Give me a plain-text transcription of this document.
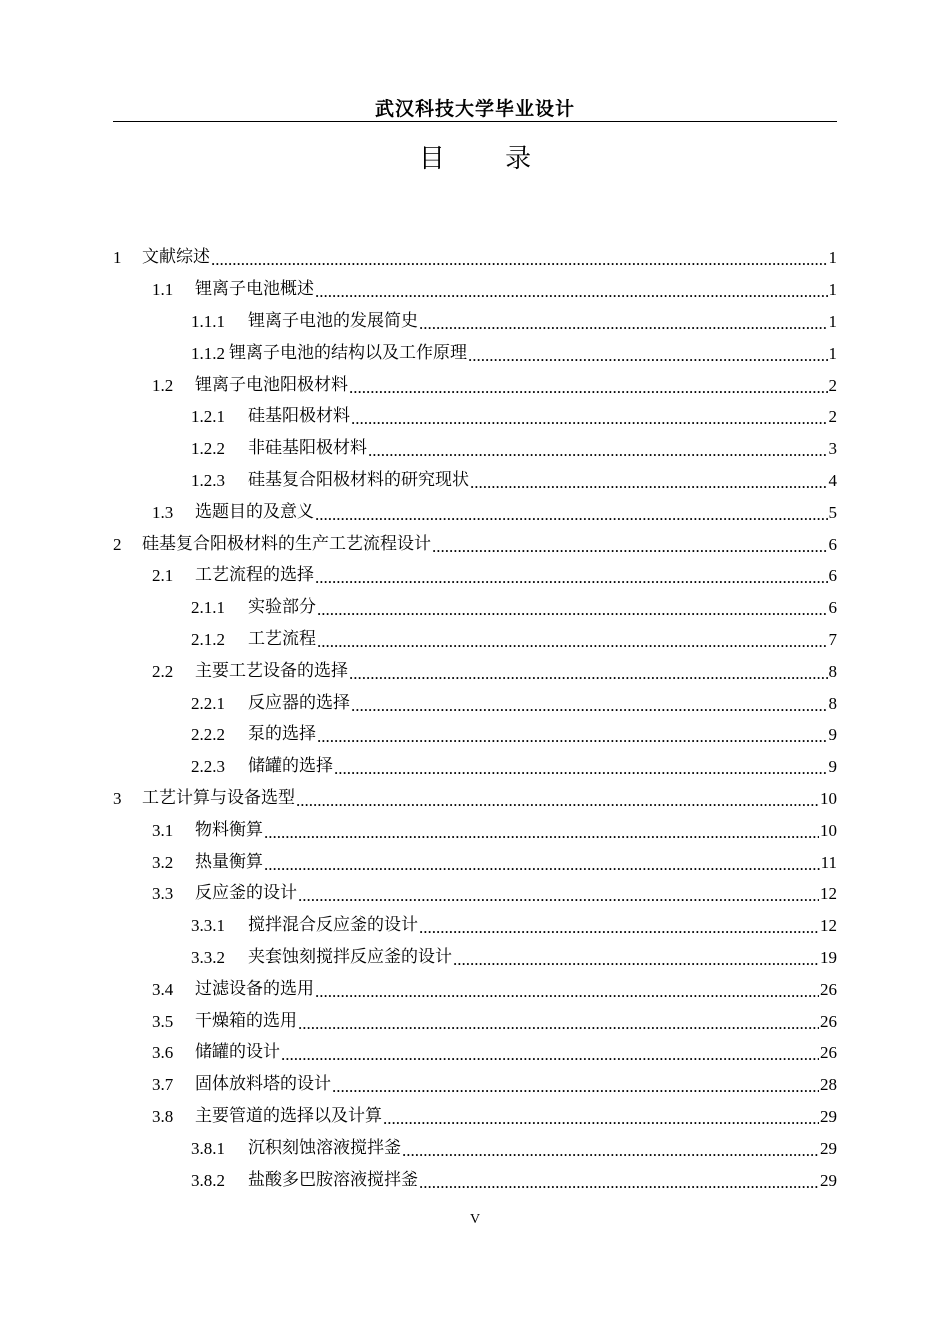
武汉科技大学毕业设计
目 录
1	文献综述 .....	1
1.1	锂离子电池概述 .....	1
1.1.1	锂离子电池的发展简史 .....	1
1.1.2 锂离子电池的结构以及工作原理 .....	1
1.2	锂离子电池阳极材料 .....	2
1.2.1	硅基阳极材料 .....	2
1.2.2	非硅基阳极材料 .....	3
1.2.3	硅基复合阳极材料的研究现状 .....	4
1.3	选题目的及意义 .....	5
2	硅基复合阳极材料的生产工艺流程设计 .....	6
2.1	工艺流程的选择 .....	6
2.1.1	实验部分 .....	6
2.1.2	工艺流程 .....	7
2.2	主要工艺设备的选择 .....	8
2.2.1	反应器的选择 .....	8
2.2.2	泵的选择 .....	9
2.2.3	储罐的选择 .....	9
3	工艺计算与设备选型 .....	10
3.1	物料衡算 .....	10
3.2	热量衡算 .....	11
3.3	反应釜的设计 .....	12
3.3.1	搅拌混合反应釜的设计 .....	12
3.3.2	夹套蚀刻搅拌反应釜的设计 .....	19
3.4	过滤设备的选用 .....	26
3.5	干燥箱的选用 .....	26
3.6	储罐的设计 .....	26
3.7	固体放料塔的设计 .....	28
3.8	主要管道的选择以及计算 .....	29
3.8.1	沉积刻蚀溶液搅拌釜 .....	29
3.8.2	盐酸多巴胺溶液搅拌釜 .....	29
V
